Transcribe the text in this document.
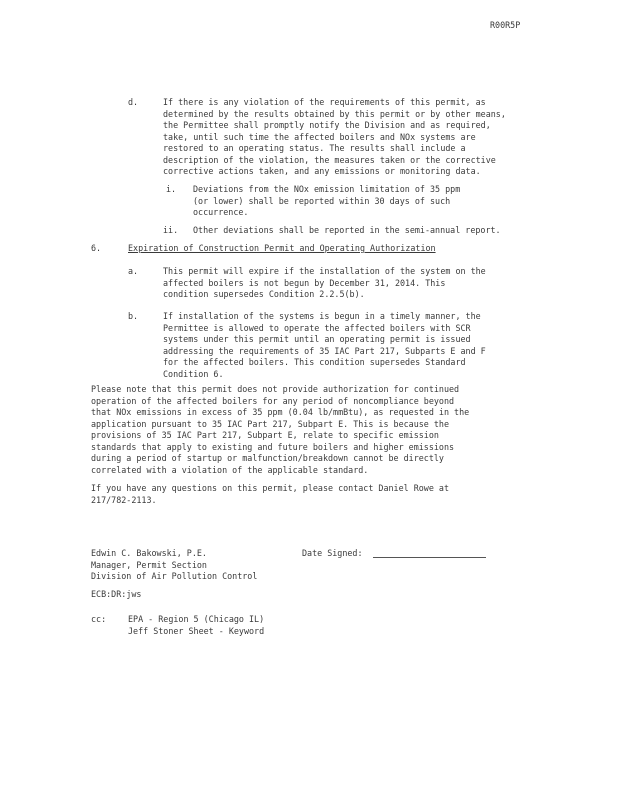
R00R5P
d.	If there is any violation of the requirements of this permit, as
determined by the results obtained by this permit or by other means,
the Permittee shall promptly notify the Division and as required,
take, until such time the affected boilers and NOx systems are
restored to an operating status. The results shall include a
description of the violation, the measures taken or the corrective
corrective actions taken, and any emissions or monitoring data.
i. Deviations from the NOx emission limitation of 35 ppm
(or lower) shall be reported within 30 days of such
occurrence.
ii. Other deviations shall be reported in the semi-annual report.
6.	Expiration of Construction Permit and Operating Authorization
a.	This permit will expire if the installation of the system on the
affected boilers is not begun by December 31, 2014. This
condition supersedes Condition 2.2.5(b).
b.	If installation of the systems is begun in a timely manner, the
Permittee is allowed to operate the affected boilers with SCR
systems under this permit until an operating permit is issued
addressing the requirements of 35 IAC Part 217, Subparts E and F
for the affected boilers. This condition supersedes Standard
Condition 6.
Please note that this permit does not provide authorization for continued
operation of the affected boilers for any period of noncompliance beyond
that NOx emissions in excess of 35 ppm (0.04 lb/mmBtu), as requested in the
application pursuant to 35 IAC Part 217, Subpart E. This is because the
provisions of 35 IAC Part 217, Subpart E, relate to specific emission
standards that apply to existing and future boilers and higher emissions
during a period of startup or malfunction/breakdown cannot be directly
correlated with a violation of the applicable standard.
If you have any questions on this permit, please contact Daniel Rowe at
217/782-2113.
Edwin C. Bakowski, P.E.	Date Signed:
Manager, Permit Section
Division of Air Pollution Control
ECB:DR:jws
cc:	EPA - Region 5 (Chicago IL)
Jeff Stoner Sheet - Keyword
